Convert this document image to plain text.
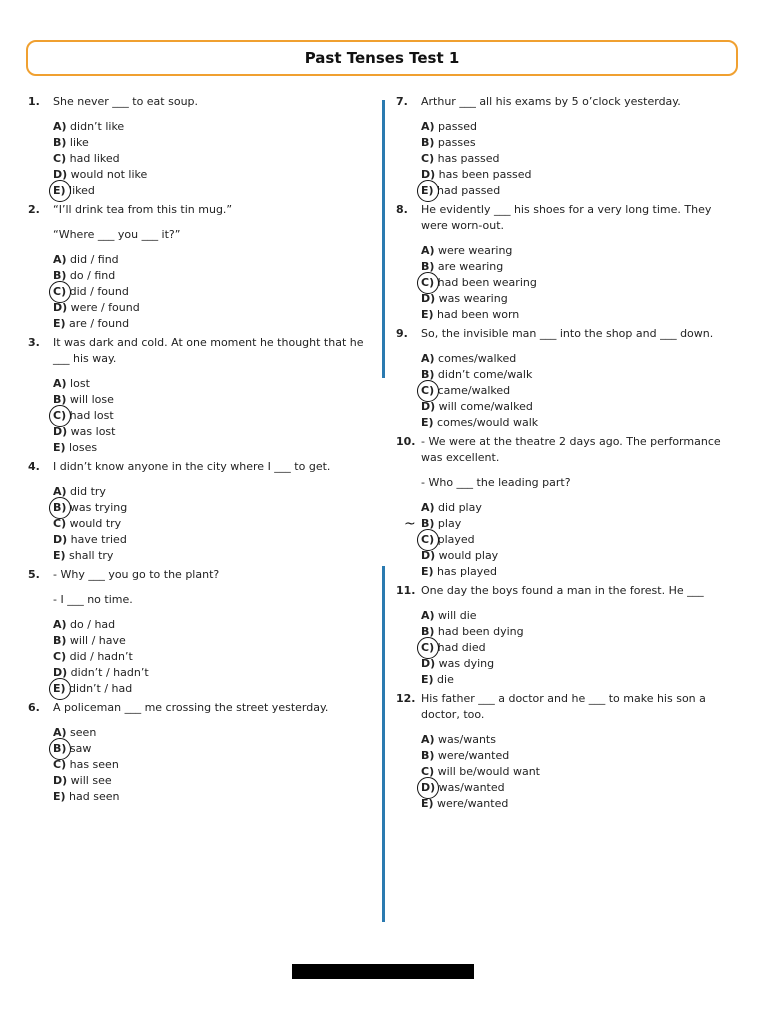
Past Tenses Test 1
1.	She never ___ to eat soup.

A) didn’t like
B) like
C) had liked
D) would not like
E) liked
2.	“I’ll drink tea from this tin mug.”

“Where ___ you ___ it?”

A) did / find
B) do / find
C) did / found
D) were / found
E) are / found
3.	It was dark and cold. At one moment he thought that he ___ his way.

A) lost
B) will lose
C) had lost
D) was lost
E) loses
4.	I didn’t know anyone in the city where I ___ to get.

A) did try
B) was trying
C) would try
D) have tried
E) shall try
5.	- Why ___ you go to the plant?

- I ___ no time.

A) do / had
B) will / have
C) did / hadn’t
D) didn’t / hadn’t
E) didn’t / had
6.	A policeman ___ me crossing the street yesterday.

A) seen
B) saw
C) has seen
D) will see
E) had seen
7.	Arthur ___ all his exams by 5 o’clock yesterday.

A) passed
B) passes
C) has passed
D) has been passed
E) had passed
8.	He evidently ___ his shoes for a very long time. They were worn-out.

A) were wearing
B) are wearing
C) had been wearing
D) was wearing
E) had been worn
9.	So, the invisible man ___ into the shop and ___ down.

A) comes/walked
B) didn’t come/walk
C) came/walked
D) will come/walked
E) comes/would walk
10. - We were at the theatre 2 days ago. The performance was excellent.

- Who ___ the leading part?

A) did play
B) play
C) played
D) would play
E) has played
11. One day the boys found a man in the forest. He ___

A) will die
B) had been dying
C) had died
D) was dying
E) die
12. His father ___ a doctor and he ___ to make his son a doctor, too.

A) was/wants
B) were/wanted
C) will be/would want
D) was/wanted
E) were/wanted
~
